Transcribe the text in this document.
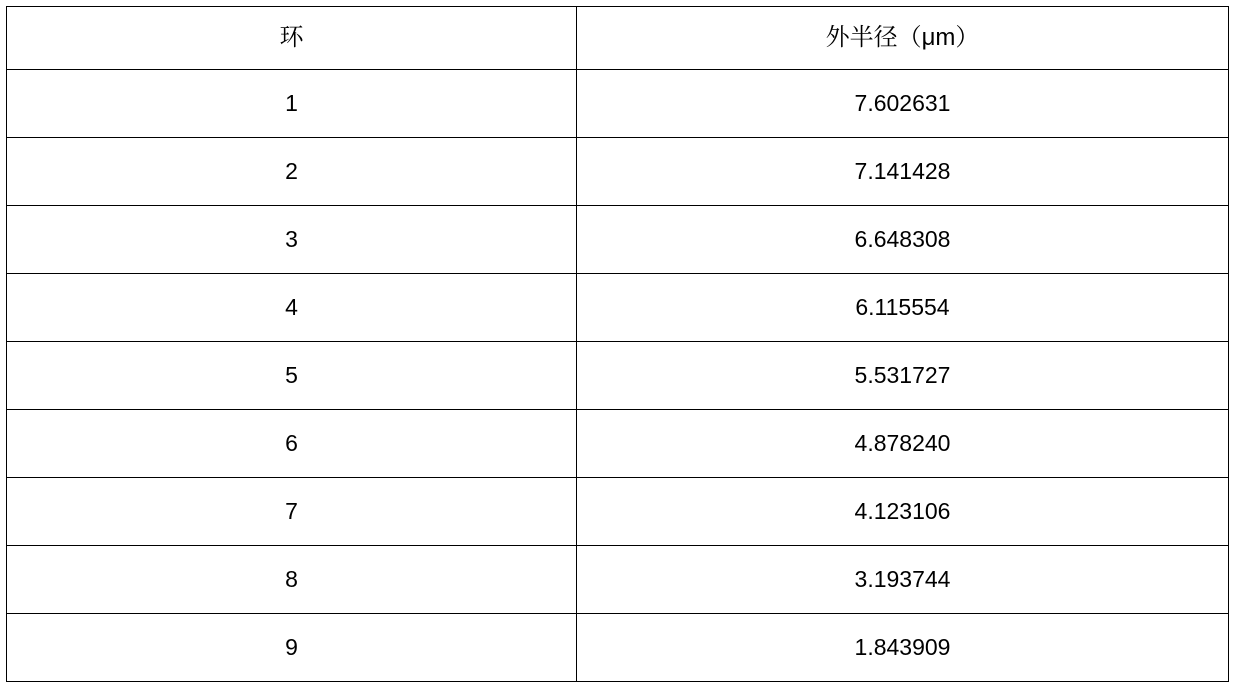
环	外半径（μm）

1	7.602631

2	7.141428

3	6.648308

4	6.115554

5	5.531727

6	4.878240

7	4.123106

8	3.193744

9	1.843909
